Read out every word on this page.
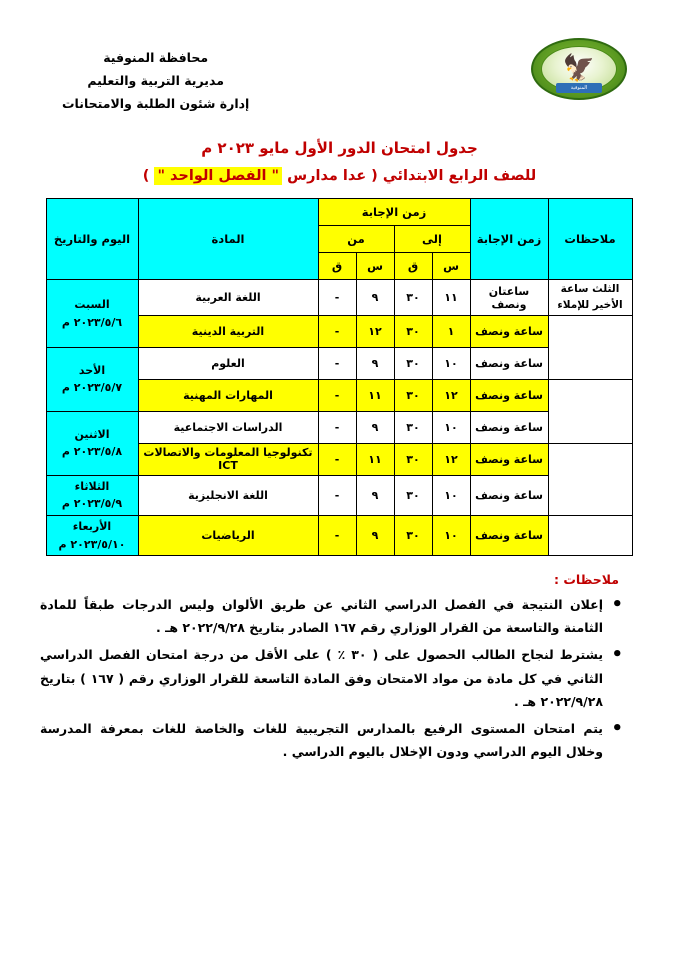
محافظة المنوفية
مديرية التربية والتعليم
إدارة شئون الطلبة والامتحانات
🦅
المنوفية
جدول امتحان الدور الأول مايو ٢٠٢٣ م
للصف الرابع الابتدائي ( عدا مدارس " الفصل الواحد " )
ملاحظات	زمن الإجابة	زمن الإجابة				المادة	اليوم والتاريخ
		إلى		من			
		س	ق	س	ق		
الثلث ساعة الأخير للإملاء	ساعتان ونصف	١١	٣٠	٩	-	اللغة العربية	السبت
٢٠٢٣/٥/٦ م

	ساعة ونصف	١	٣٠	١٢	-	التربية الدينية	
	ساعة ونصف	١٠	٣٠	٩	-	العلوم	الأحد
٢٠٢٣/٥/٧ م

	ساعة ونصف	١٢	٣٠	١١	-	المهارات المهنية	
	ساعة ونصف	١٠	٣٠	٩	-	الدراسات الاجتماعية	الاثنين
٢٠٢٣/٥/٨ م

	ساعة ونصف	١٢	٣٠	١١	-	تكنولوجيا المعلومات والاتصالات ICT	
	ساعة ونصف	١٠	٣٠	٩	-	اللغة الانجليزية	الثلاثاء
٢٠٢٣/٥/٩ م

	ساعة ونصف	١٠	٣٠	٩	-	الرياضيات	الأربعاء
٢٠٢٣/٥/١٠ م
ملاحظات :
• إعلان النتيجة في الفصل الدراسي الثاني عن طريق الألوان وليس الدرجات طبقاً للمادة الثامنة والتاسعة من القرار الوزاري رقم ١٦٧ الصادر بتاريخ ٢٠٢٢/٩/٢٨ هـ .
• يشترط لنجاح الطالب الحصول على ( ٣٠ ٪ ) على الأقل من درجة امتحان الفصل الدراسي الثاني في كل مادة من مواد الامتحان وفق المادة التاسعة للقرار الوزاري رقم ( ١٦٧ ) بتاريخ ٢٠٢٢/٩/٢٨ هـ .
• يتم امتحان المستوى الرفيع بالمدارس التجريبية للغات والخاصة للغات بمعرفة المدرسة وخلال اليوم الدراسي ودون الإخلال باليوم الدراسي .
